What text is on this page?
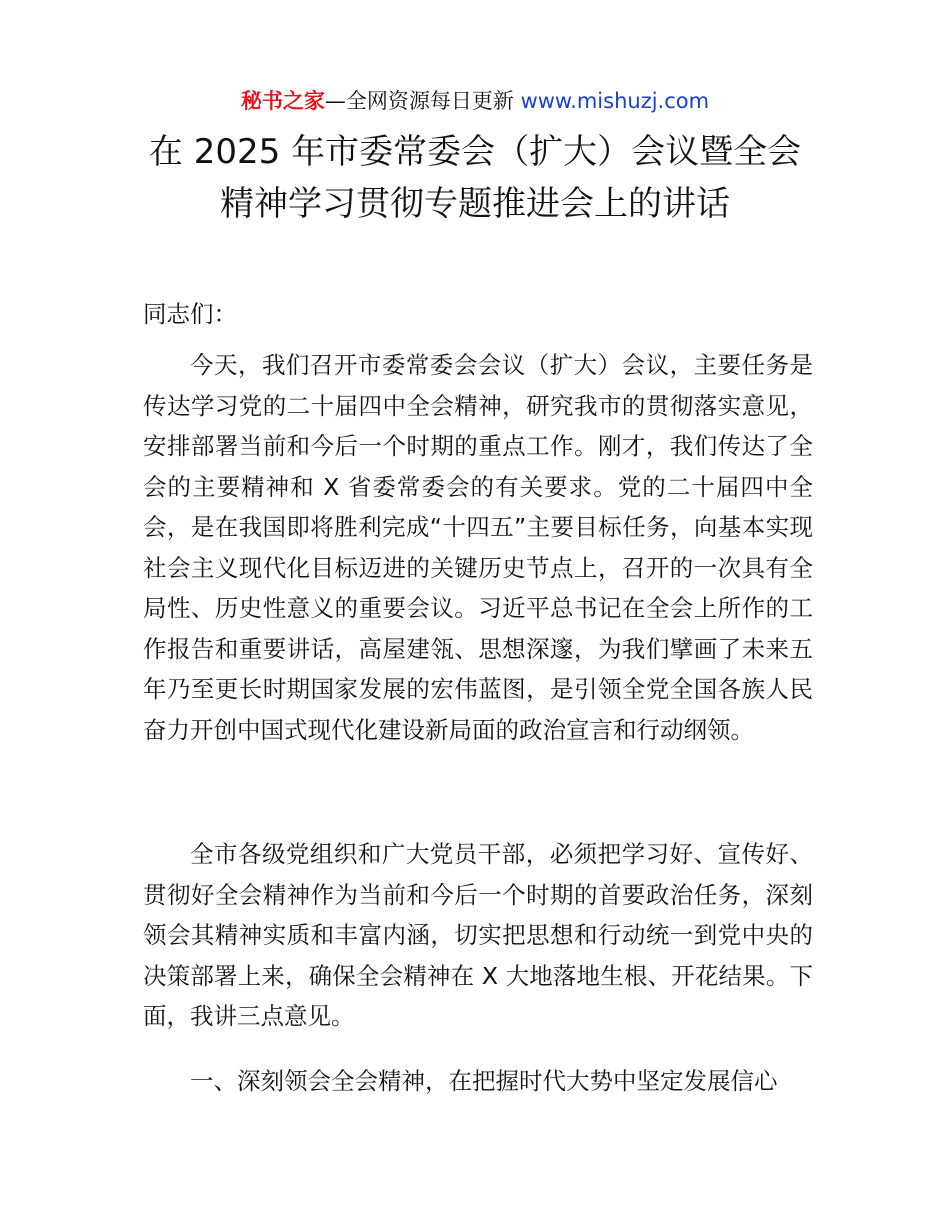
秘书之家—全网资源每日更新 www.mishuzj.com
在 2025 年市委常委会（扩大）会议暨全会
精神学习贯彻专题推进会上的讲话
同志们：

今天，我们召开市委常委会会议（扩大）会议，主要任务是传达学习党的二十届四中全会精神，研究我市的贯彻落实意见，安排部署当前和今后一个时期的重点工作。刚才，我们传达了全会的主要精神和 X 省委常委会的有关要求。党的二十届四中全会，是在我国即将胜利完成“十四五”主要目标任务，向基本实现社会主义现代化目标迈进的关键历史节点上，召开的一次具有全局性、历史性意义的重要会议。习近平总书记在全会上所作的工作报告和重要讲话，高屋建瓴、思想深邃，为我们擘画了未来五年乃至更长时期国家发展的宏伟蓝图，是引领全党全国各族人民奋力开创中国式现代化建设新局面的政治宣言和行动纲领。

全市各级党组织和广大党员干部，必须把学习好、宣传好、贯彻好全会精神作为当前和今后一个时期的首要政治任务，深刻领会其精神实质和丰富内涵，切实把思想和行动统一到党中央的决策部署上来，确保全会精神在 X 大地落地生根、开花结果。下面，我讲三点意见。

一、深刻领会全会精神，在把握时代大势中坚定发展信心
